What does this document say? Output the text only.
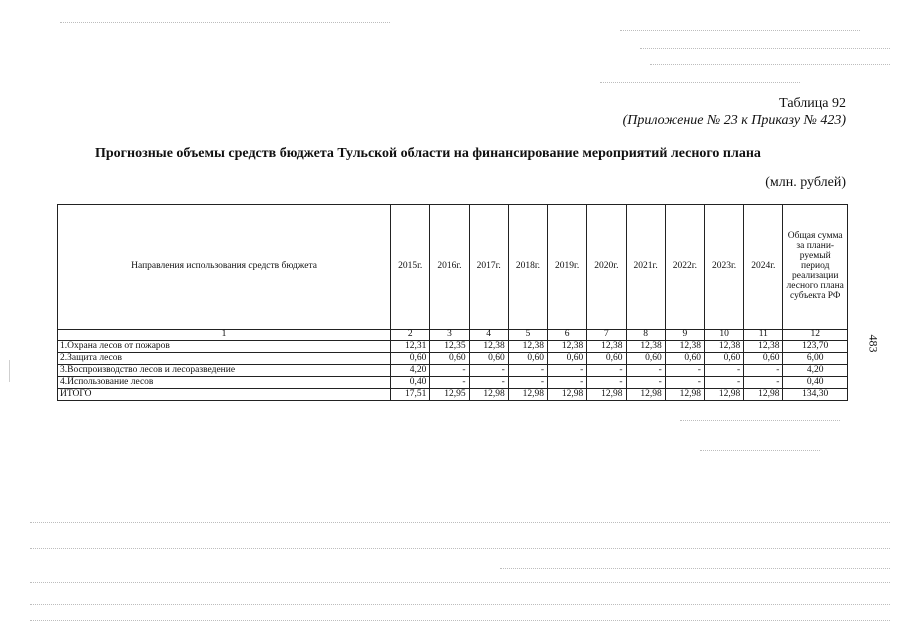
Таблица 92
(Приложение № 23 к Приказу № 423)
Прогнозные объемы средств бюджета Тульской области на финансирование мероприятий лесного плана
(млн. рублей)
483
Направления использования средств бюджета	2015г.	2016г.	2017г.	2018г.	2019г.	2020г.	2021г.	2022г.	2023г.	2024г.	Общая сумма за плани-руемый период реализации лесного плана субъекта РФ
1	2	3	4	5	6	7	8	9	10	11	12
1.Охрана лесов от пожаров	12,31	12,35	12,38	12,38	12,38	12,38	12,38	12,38	12,38	12,38	123,70
2.Защита лесов	0,60	0,60	0,60	0,60	0,60	0,60	0,60	0,60	0,60	0,60	6,00
3.Воспроизводство лесов и лесоразведение	4,20	-	-	-	-	-	-	-	-	-	4,20
4.Использование лесов	0,40	-	-	-	-	-	-	-	-	-	0,40
ИТОГО	17,51	12,95	12,98	12,98	12,98	12,98	12,98	12,98	12,98	12,98	134,30
